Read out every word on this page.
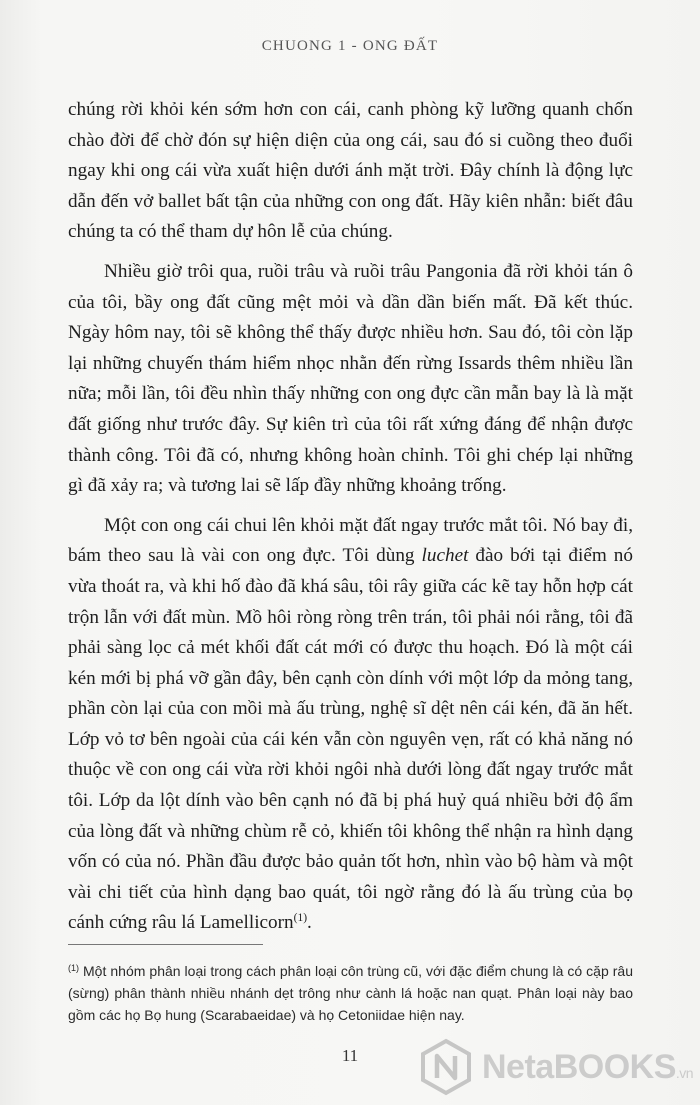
CHUONG 1 - ONG ĐẤT

chúng rời khỏi kén sớm hơn con cái, canh phòng kỹ lưỡng quanh chốn chào đời để chờ đón sự hiện diện của ong cái, sau đó si cuồng theo đuổi ngay khi ong cái vừa xuất hiện dưới ánh mặt trời. Đây chính là động lực dẫn đến vở ballet bất tận của những con ong đất. Hãy kiên nhẫn: biết đâu chúng ta có thể tham dự hôn lễ của chúng.

Nhiều giờ trôi qua, ruồi trâu và ruồi trâu Pangonia đã rời khỏi tán ô của tôi, bầy ong đất cũng mệt mỏi và dần dần biến mất. Đã kết thúc. Ngày hôm nay, tôi sẽ không thể thấy được nhiều hơn. Sau đó, tôi còn lặp lại những chuyến thám hiểm nhọc nhằn đến rừng Issards thêm nhiều lần nữa; mỗi lần, tôi đều nhìn thấy những con ong đực cần mẫn bay là là mặt đất giống như trước đây. Sự kiên trì của tôi rất xứng đáng để nhận được thành công. Tôi đã có, nhưng không hoàn chỉnh. Tôi ghi chép lại những gì đã xảy ra; và tương lai sẽ lấp đầy những khoảng trống.

Một con ong cái chui lên khỏi mặt đất ngay trước mắt tôi. Nó bay đi, bám theo sau là vài con ong đực. Tôi dùng luchet đào bới tại điểm nó vừa thoát ra, và khi hố đào đã khá sâu, tôi rây giữa các kẽ tay hỗn hợp cát trộn lẫn với đất mùn. Mồ hôi ròng ròng trên trán, tôi phải nói rằng, tôi đã phải sàng lọc cả mét khối đất cát mới có được thu hoạch. Đó là một cái kén mới bị phá vỡ gần đây, bên cạnh còn dính với một lớp da mỏng tang, phần còn lại của con mồi mà ấu trùng, nghệ sĩ dệt nên cái kén, đã ăn hết. Lớp vỏ tơ bên ngoài của cái kén vẫn còn nguyên vẹn, rất có khả năng nó thuộc về con ong cái vừa rời khỏi ngôi nhà dưới lòng đất ngay trước mắt tôi. Lớp da lột dính vào bên cạnh nó đã bị phá huỷ quá nhiều bởi độ ẩm của lòng đất và những chùm rễ cỏ, khiến tôi không thể nhận ra hình dạng vốn có của nó. Phần đầu được bảo quản tốt hơn, nhìn vào bộ hàm và một vài chi tiết của hình dạng bao quát, tôi ngờ rằng đó là ấu trùng của bọ cánh cứng râu lá Lamellicorn$^{(1)}$.

$^{(1)}$ Một nhóm phân loại trong cách phân loại côn trùng cũ, với đặc điểm chung là có cặp râu (sừng) phân thành nhiều nhánh dẹt trông như cành lá hoặc nan quạt. Phân loại này bao gồm các họ Bọ hung (Scarabaeidae) và họ Cetoniidae hiện nay.
11	NetaBOOKS.vn
